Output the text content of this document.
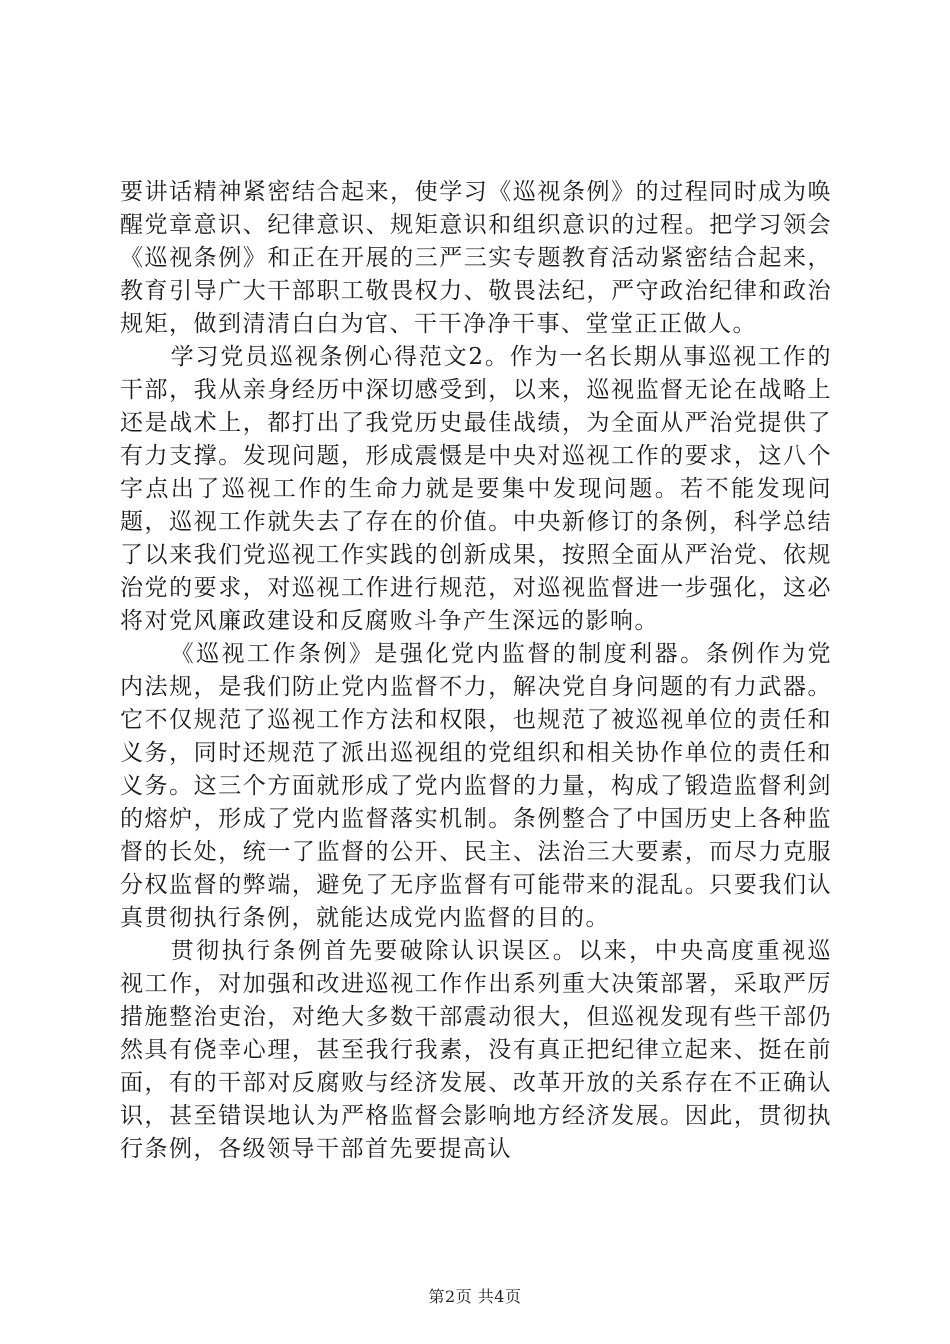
要讲话精神紧密结合起来，使学习《巡视条例》的过程同时成为唤醒党章意识、纪律意识、规矩意识和组织意识的过程。把学习领会《巡视条例》和正在开展的三严三实专题教育活动紧密结合起来，教育引导广大干部职工敬畏权力、敬畏法纪，严守政治纪律和政治规矩，做到清清白白为官、干干净净干事、堂堂正正做人。

学习党员巡视条例心得范文2。作为一名长期从事巡视工作的干部，我从亲身经历中深切感受到，以来，巡视监督无论在战略上还是战术上，都打出了我党历史最佳战绩，为全面从严治党提供了有力支撑。发现问题，形成震慑是中央对巡视工作的要求，这八个字点出了巡视工作的生命力就是要集中发现问题。若不能发现问题，巡视工作就失去了存在的价值。中央新修订的条例，科学总结了以来我们党巡视工作实践的创新成果，按照全面从严治党、依规治党的要求，对巡视工作进行规范，对巡视监督进一步强化，这必将对党风廉政建设和反腐败斗争产生深远的影响。

《巡视工作条例》是强化党内监督的制度利器。条例作为党内法规，是我们防止党内监督不力，解决党自身问题的有力武器。它不仅规范了巡视工作方法和权限，也规范了被巡视单位的责任和义务，同时还规范了派出巡视组的党组织和相关协作单位的责任和义务。这三个方面就形成了党内监督的力量，构成了锻造监督利剑的熔炉，形成了党内监督落实机制。条例整合了中国历史上各种监督的长处，统一了监督的公开、民主、法治三大要素，而尽力克服分权监督的弊端，避免了无序监督有可能带来的混乱。只要我们认真贯彻执行条例，就能达成党内监督的目的。

贯彻执行条例首先要破除认识误区。以来，中央高度重视巡视工作，对加强和改进巡视工作作出系列重大决策部署，采取严厉措施整治吏治，对绝大多数干部震动很大，但巡视发现有些干部仍然具有侥幸心理，甚至我行我素，没有真正把纪律立起来、挺在前面，有的干部对反腐败与经济发展、改革开放的关系存在不正确认识，甚至错误地认为严格监督会影响地方经济发展。因此，贯彻执行条例，各级领导干部首先要提高认

第2页 共4页
